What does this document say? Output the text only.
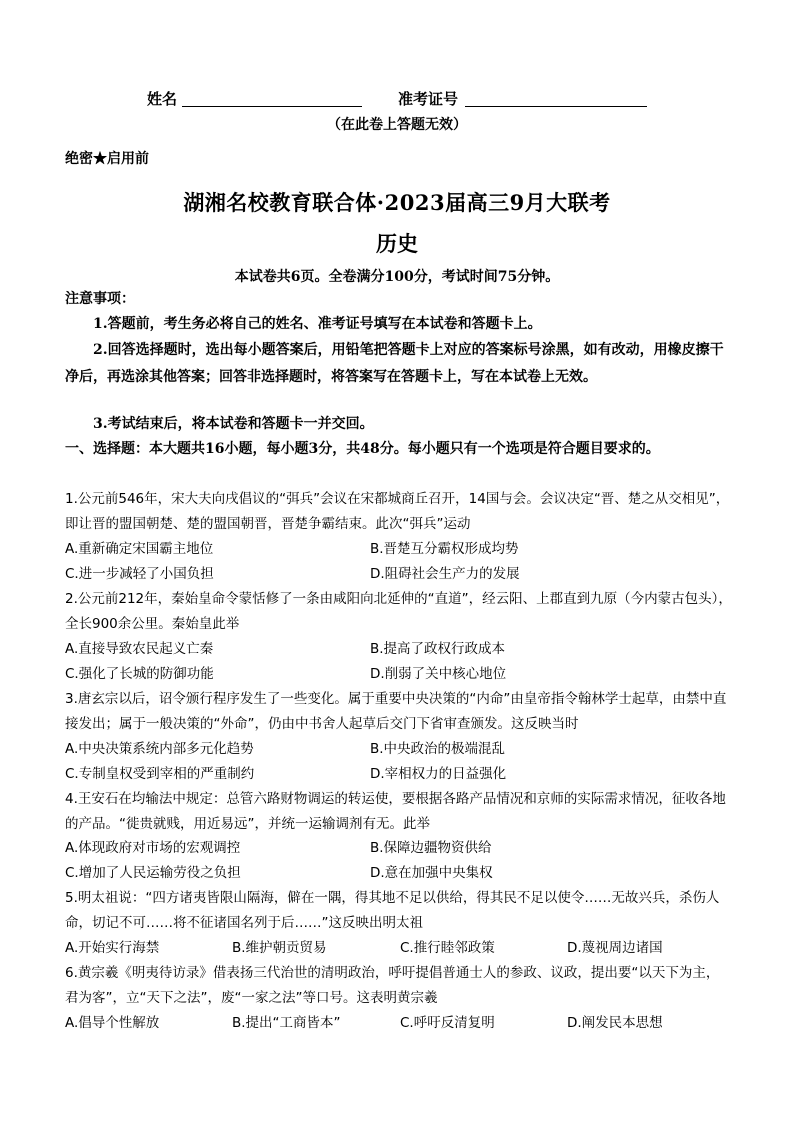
姓名	准考证号
（在此卷上答题无效）
绝密★启用前
湖湘名校教育联合体·2023届高三9月大联考
历史
本试卷共6页。全卷满分100分，考试时间75分钟。
注意事项：
1.答题前，考生务必将自己的姓名、准考证号填写在本试卷和答题卡上。
2.回答选择题时，选出每小题答案后，用铅笔把答题卡上对应的答案标号涂黑，如有改动，用橡皮擦干净后，再选涂其他答案；回答非选择题时，将答案写在答题卡上，写在本试卷上无效。
3.考试结束后，将本试卷和答题卡一并交回。
一、选择题：本大题共16小题，每小题3分，共48分。每小题只有一个选项是符合题目要求的。
1.公元前546年，宋大夫向戌倡议的“弭兵”会议在宋都城商丘召开，14国与会。会议决定“晋、楚之从交相见”，即让晋的盟国朝楚、楚的盟国朝晋，晋楚争霸结束。此次“弭兵”运动
A.重新确定宋国霸主地位	B.晋楚互分霸权形成均势
C.进一步减轻了小国负担	D.阻碍社会生产力的发展
2.公元前212年，秦始皇命令蒙恬修了一条由咸阳向北延伸的“直道”，经云阳、上郡直到九原（今内蒙古包头），全长900余公里。秦始皇此举
A.直接导致农民起义亡秦	B.提高了政权行政成本
C.强化了长城的防御功能	D.削弱了关中核心地位
3.唐玄宗以后，诏令颁行程序发生了一些变化。属于重要中央决策的“内命”由皇帝指令翰林学士起草，由禁中直接发出；属于一般决策的“外命”，仍由中书舍人起草后交门下省审查颁发。这反映当时
A.中央决策系统内部多元化趋势	B.中央政治的极端混乱
C.专制皇权受到宰相的严重制约	D.宰相权力的日益强化
4.王安石在均输法中规定：总管六路财物调运的转运使，要根据各路产品情况和京师的实际需求情况，征收各地的产品。“徙贵就贱，用近易远”，并统一运输调剂有无。此举
A.体现政府对市场的宏观调控	B.保障边疆物资供给
C.增加了人民运输劳役之负担	D.意在加强中央集权
5.明太祖说：“四方诸夷皆限山隔海，僻在一隅，得其地不足以供给，得其民不足以使令……无故兴兵，杀伤人命，切记不可……将不征诸国名列于后……”这反映出明太祖
A.开始实行海禁	B.维护朝贡贸易	C.推行睦邻政策	D.蔑视周边诸国
6.黄宗羲《明夷待访录》借表扬三代治世的清明政治，呼吁提倡普通士人的参政、议政，提出要“以天下为主，君为客”，立“天下之法”，废“一家之法”等口号。这表明黄宗羲
A.倡导个性解放	B.提出“工商皆本”	C.呼吁反清复明	D.阐发民本思想
